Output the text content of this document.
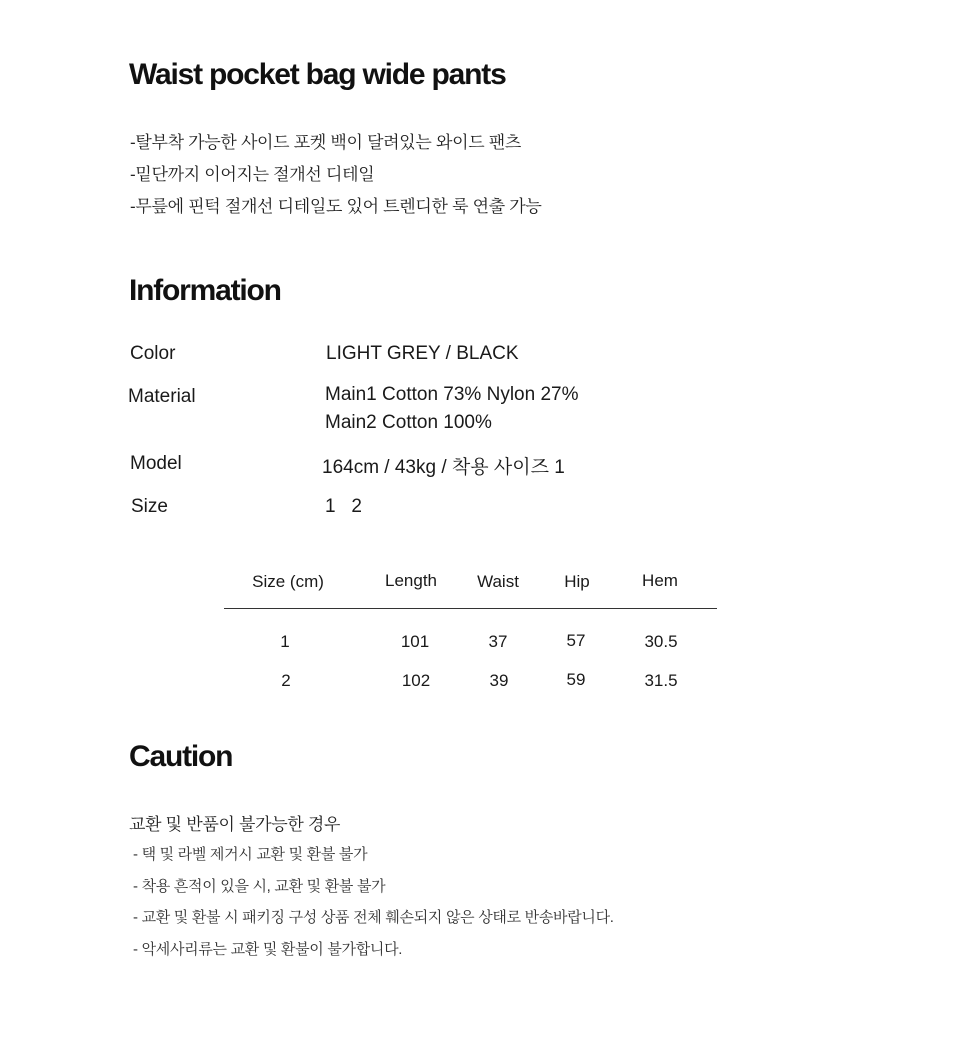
Waist pocket bag wide pants
-탈부착 가능한 사이드 포켓 백이 달려있는 와이드 팬츠
-밑단까지 이어지는 절개선 디테일
-무릎에 핀턱 절개선 디테일도 있어 트렌디한 룩 연출 가능
Information
Color	LIGHT GREY / BLACK
Material	Main1 Cotton 73% Nylon 27%
Main2 Cotton 100%
Model	164cm / 43kg / 착용 사이즈 1
Size	1   2
Size (cm)	Length	Waist	Hip	Hem
1	101	37	57	30.5
2	102	39	59	31.5
Caution
교환 및 반품이 불가능한 경우
- 택 및 라벨 제거시 교환 및 환불 불가
- 착용 흔적이 있을 시, 교환 및 환불 불가
- 교환 및 환불 시 패키징 구성 상품 전체 훼손되지 않은 상태로 반송바랍니다.
- 악세사리류는 교환 및 환불이 불가합니다.
